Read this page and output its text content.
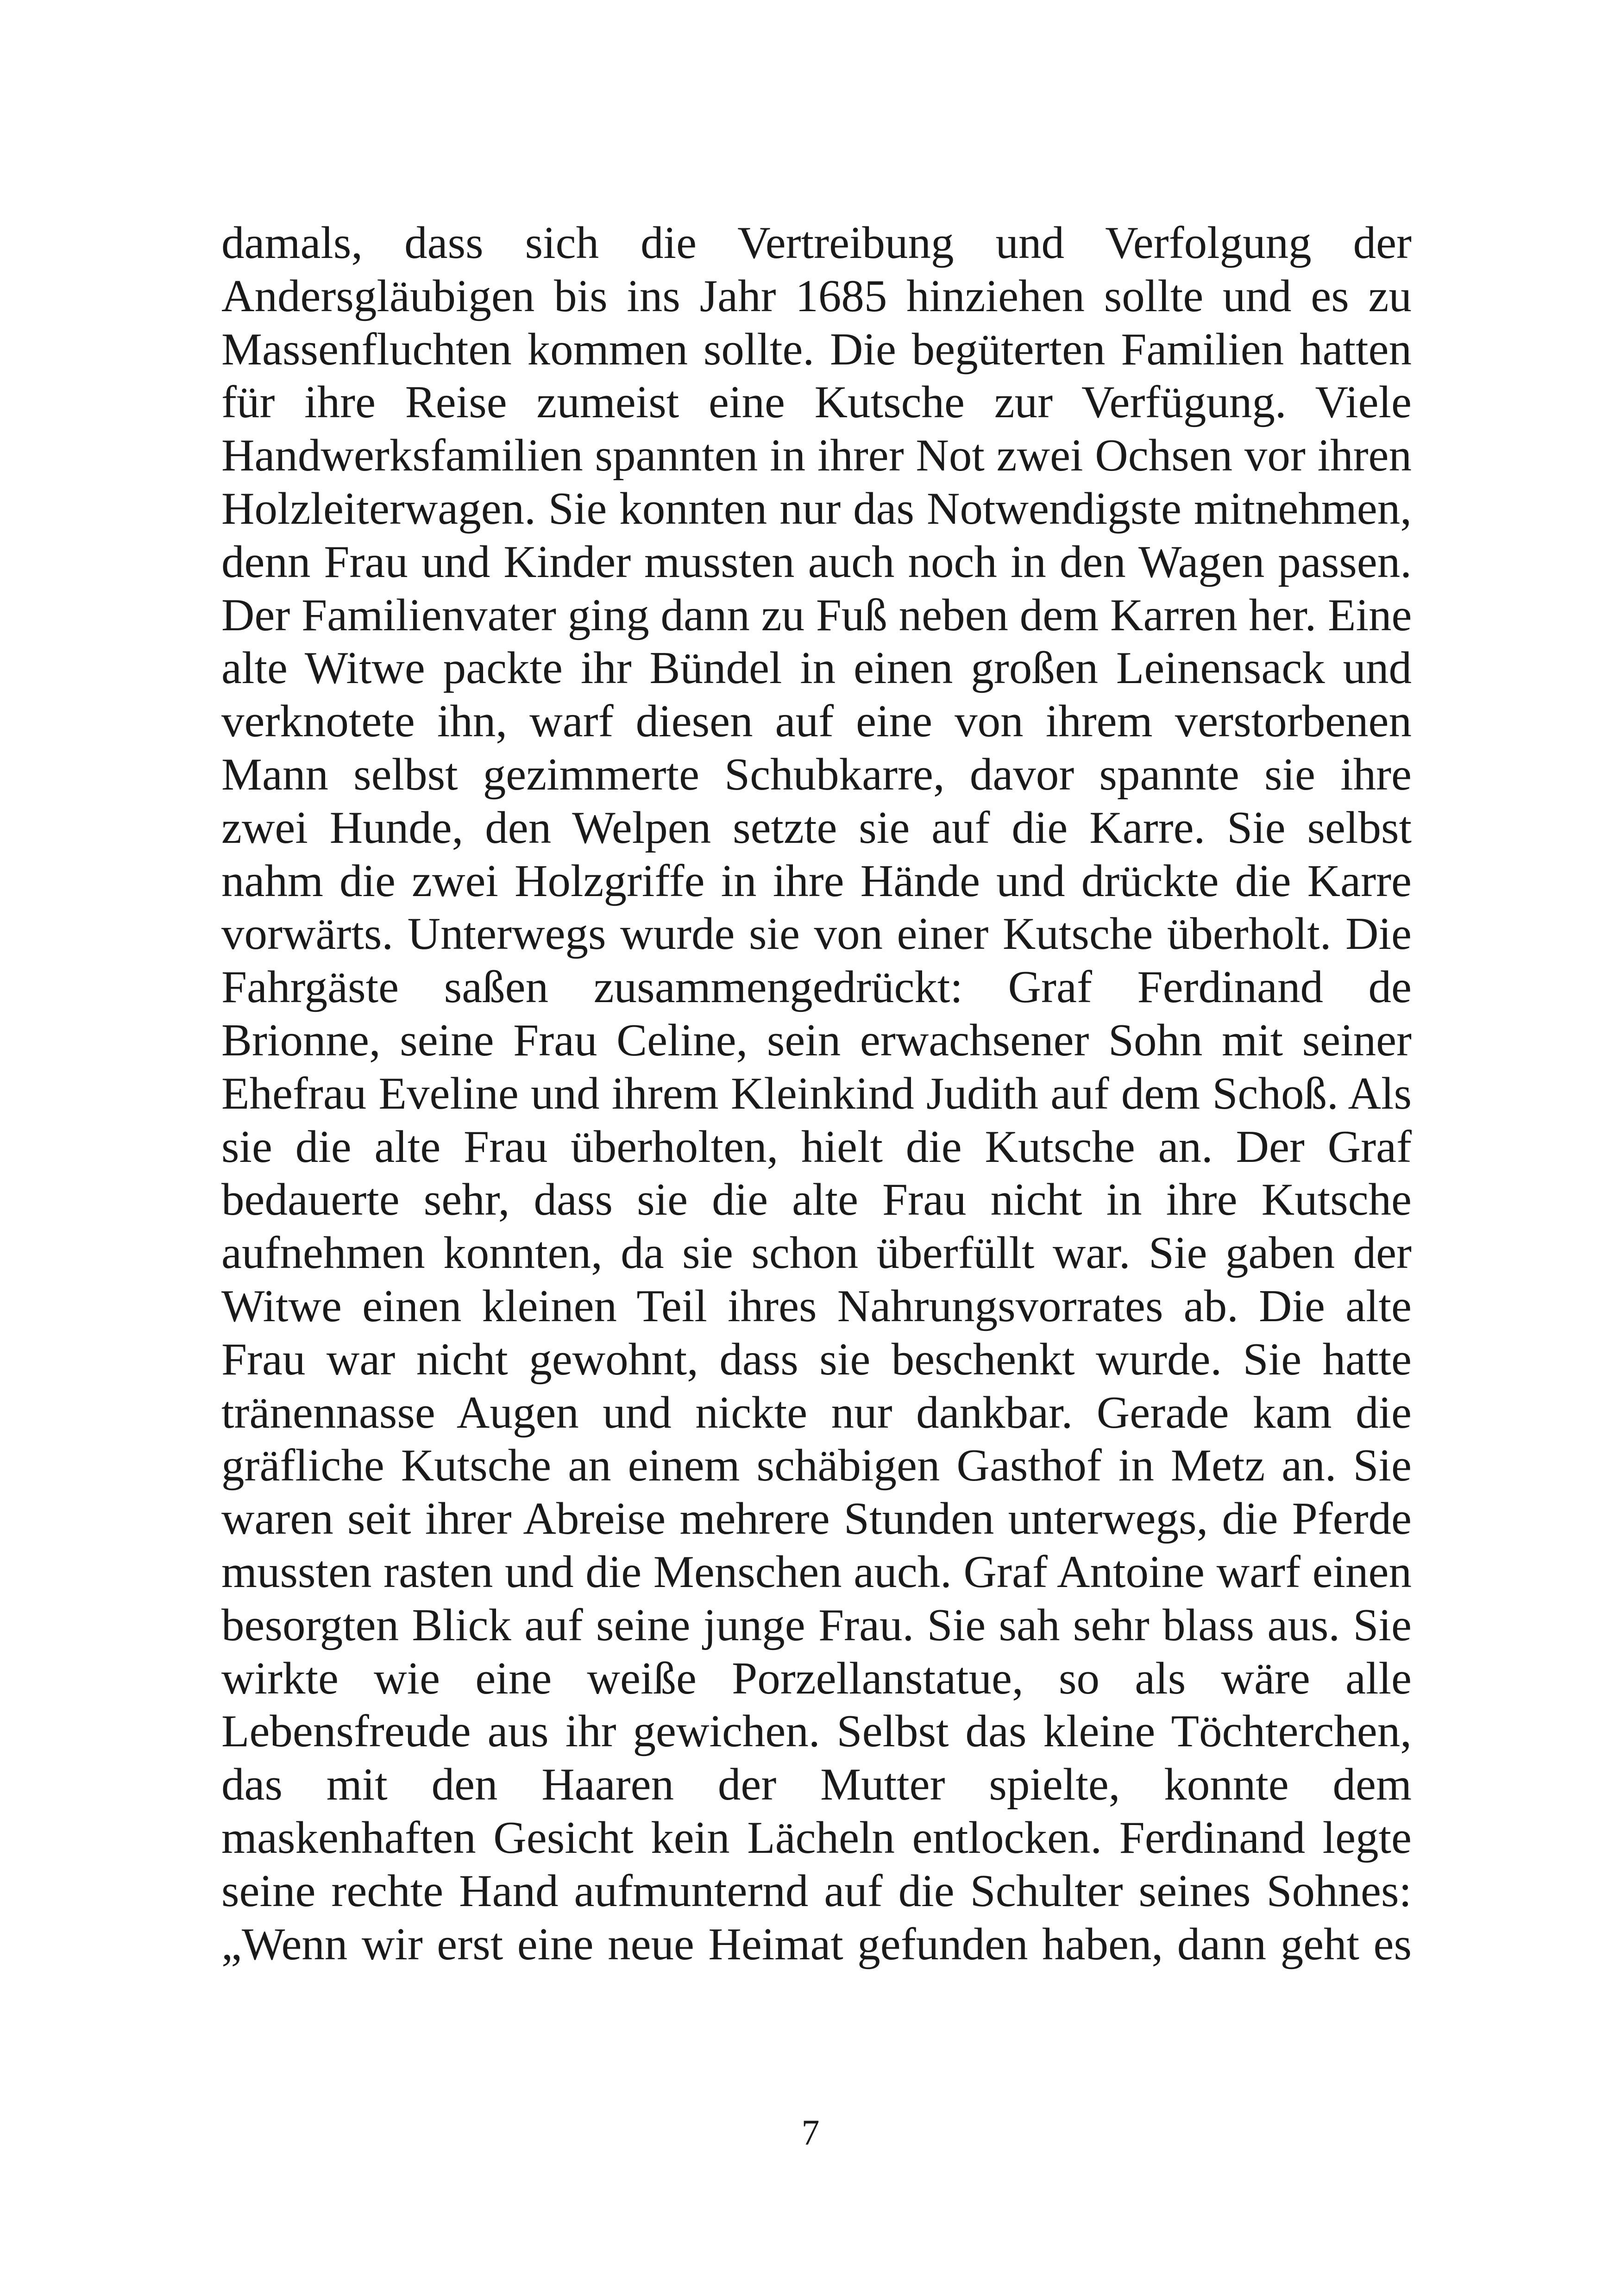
damals, dass sich die Vertreibung und Verfolgung der
Andersgläubigen bis ins Jahr 1685 hinziehen sollte und es zu
Massenfluchten kommen sollte. Die begüterten Familien hatten
für ihre Reise zumeist eine Kutsche zur Verfügung. Viele
Handwerksfamilien spannten in ihrer Not zwei Ochsen vor ihren
Holzleiterwagen. Sie konnten nur das Notwendigste mitnehmen,
denn Frau und Kinder mussten auch noch in den Wagen passen.
Der Familienvater ging dann zu Fuß neben dem Karren her. Eine
alte Witwe packte ihr Bündel in einen großen Leinensack und
verknotete ihn, warf diesen auf eine von ihrem verstorbenen
Mann selbst gezimmerte Schubkarre, davor spannte sie ihre
zwei Hunde, den Welpen setzte sie auf die Karre. Sie selbst
nahm die zwei Holzgriffe in ihre Hände und drückte die Karre
vorwärts. Unterwegs wurde sie von einer Kutsche überholt. Die
Fahrgäste saßen zusammengedrückt: Graf Ferdinand de
Brionne, seine Frau Celine, sein erwachsener Sohn mit seiner
Ehefrau Eveline und ihrem Kleinkind Judith auf dem Schoß. Als
sie die alte Frau überholten, hielt die Kutsche an. Der Graf
bedauerte sehr, dass sie die alte Frau nicht in ihre Kutsche
aufnehmen konnten, da sie schon überfüllt war. Sie gaben der
Witwe einen kleinen Teil ihres Nahrungsvorrates ab. Die alte
Frau war nicht gewohnt, dass sie beschenkt wurde. Sie hatte
tränennasse Augen und nickte nur dankbar. Gerade kam die
gräfliche Kutsche an einem schäbigen Gasthof in Metz an. Sie
waren seit ihrer Abreise mehrere Stunden unterwegs, die Pferde
mussten rasten und die Menschen auch. Graf Antoine warf einen
besorgten Blick auf seine junge Frau. Sie sah sehr blass aus. Sie
wirkte wie eine weiße Porzellanstatue, so als wäre alle
Lebensfreude aus ihr gewichen. Selbst das kleine Töchterchen,
das mit den Haaren der Mutter spielte, konnte dem
maskenhaften Gesicht kein Lächeln entlocken. Ferdinand legte
seine rechte Hand aufmunternd auf die Schulter seines Sohnes:
„Wenn wir erst eine neue Heimat gefunden haben, dann geht es
7
